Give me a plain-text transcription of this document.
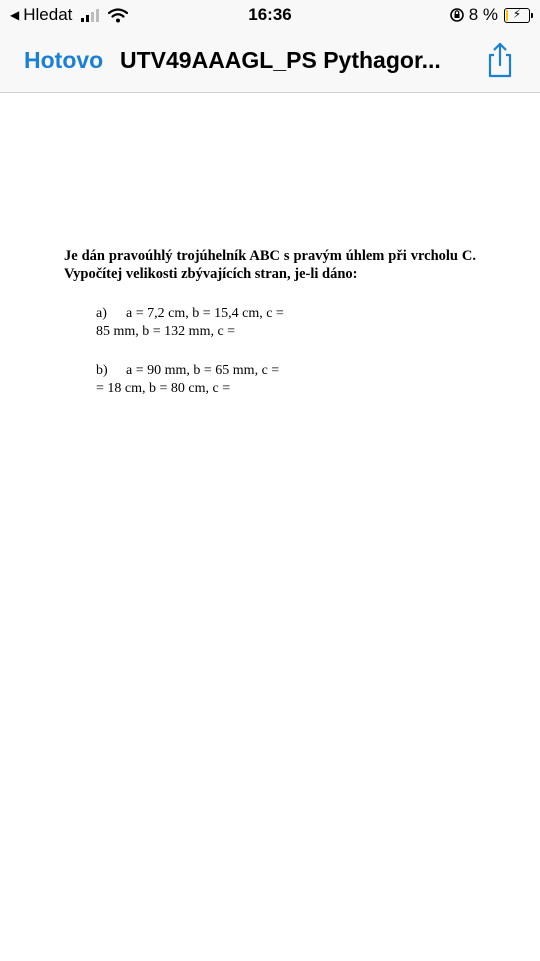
◀ Hledat	16:36	8 %	⚡
Hotovo UTV49AAAGL_PS Pythagor...
Je dán pravoúhlý trojúhelník ABC s pravým úhlem při vrcholu C. Vypočítej velikosti zbývajících stran, je-li dáno:
a) a = 7,2 cm, b = 15,4 cm, c =
85 mm, b = 132 mm, c =
b) a = 90 mm, b = 65 mm, c =
= 18 cm, b = 80 cm, c =
